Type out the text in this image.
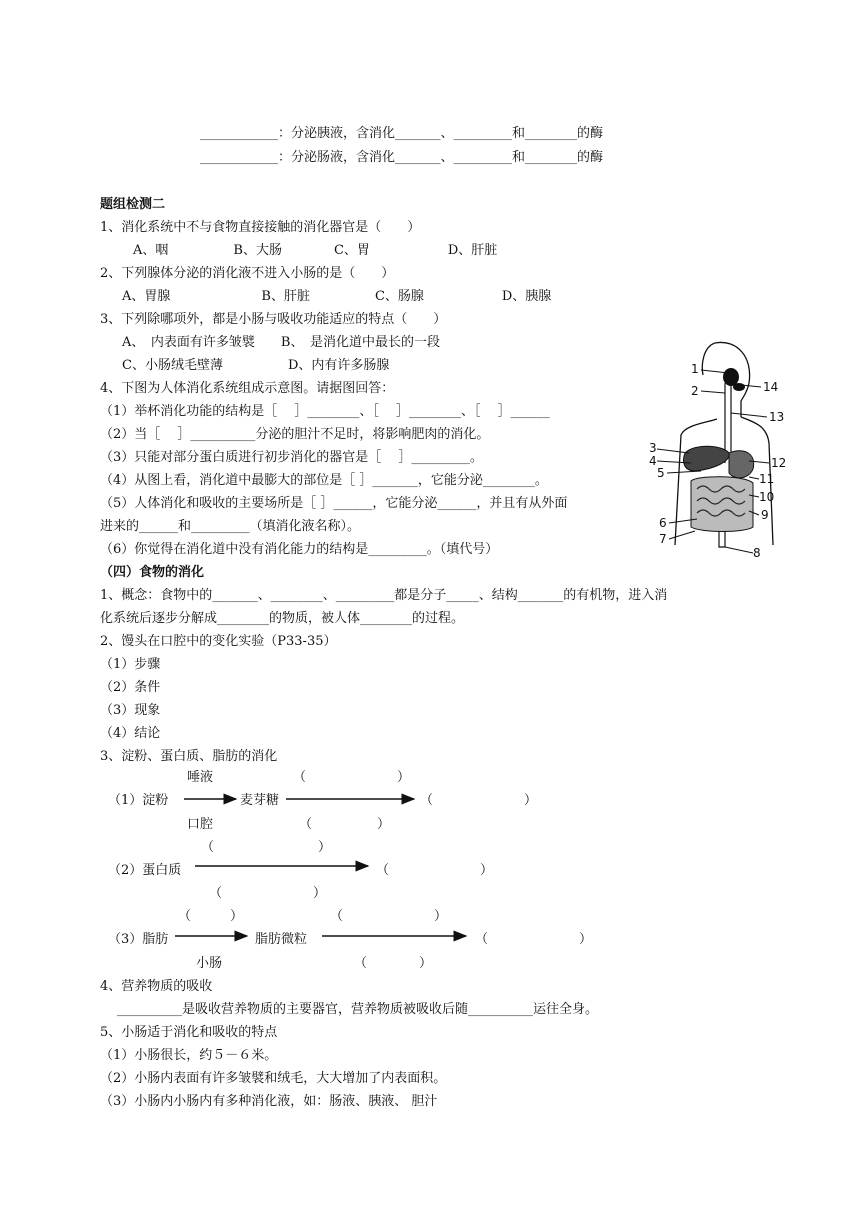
____________：分泌胰液，含消化_______、_________和________的酶
____________：分泌肠液，含消化_______、_________和________的酶
题组检测二
1、消化系统中不与食物直接接触的消化器官是（　　）
A、咽　　　　　B、大肠　　　　C、胃　　　　　　D、肝脏
2、下列腺体分泌的消化液不进入小肠的是（　　）
A、胃腺　　　　　　　B、肝脏　　　　　C、肠腺　　　　　　D、胰腺
3、下列除哪项外，都是小肠与吸收功能适应的特点（　　）
A、　内表面有许多皱襞　　B、　是消化道中最长的一段
C、小肠绒毛壁薄　　　　　D、内有许多肠腺
4、下图为人体消化系统组成示意图。请据图回答：
（1）举杯消化功能的结构是［　 ］________、［　 ］________、［　 ］______
（2）当［　 ］__________分泌的胆汁不足时，将影响肥肉的消化。
（3）只能对部分蛋白质进行初步消化的器官是［　 ］_________。
（4）从图上看，消化道中最膨大的部位是［ ］_______，它能分泌________。
（5）人体消化和吸收的主要场所是［ ］______，它能分泌______，并且有从外面
进来的______和_________（填消化液名称）。
（6）你觉得在消化道中没有消化能力的结构是_________。（填代号）
1
2
3
4
5
6
7
8
9
10
11
12
13
14
（四）食物的消化
1、概念：食物中的_______、________、_________都是分子_____、结构_______的有机物，进入消
化系统后逐步分解成________的物质，被人体________的过程。
2、馒头在口腔中的变化实验（P33-35）
（1）步骤
（2）条件
（3）现象
（4）结论
3、淀粉、蛋白质、脂肪的消化
唾液	（　　　　　　　）
（1）淀粉	麦芽糖	（　　　　　　　）
口腔	（　　　　　）
（　　　　　　　　）
（2）蛋白质	（　　　　　　　）
（　　　　　　　）
（　　　）	（　　　　　　　）
（3）脂肪	脂肪微粒	（　　　　　　　）
小肠	（　　　　）
4、营养物质的吸收
__________是吸收营养物质的主要器官，营养物质被吸收后随__________运往全身。
5、小肠适于消化和吸收的特点
（1）小肠很长，约５－６米。
（2）小肠内表面有许多皱襞和绒毛，大大增加了内表面积。
（3）小肠内小肠内有多种消化液，如：肠液、胰液、 胆汁
